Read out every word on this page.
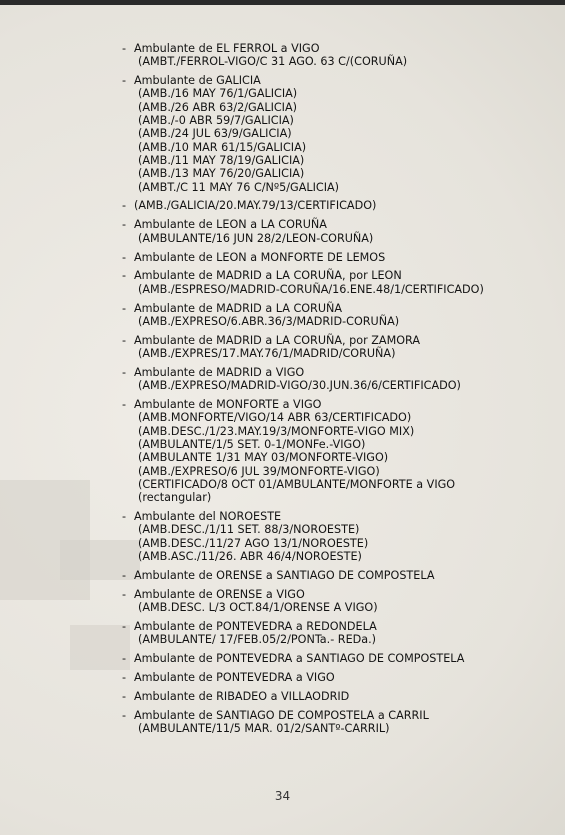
- Ambulante de EL FERROL a VIGO
(AMBT./FERROL-VIGO/C 31 AGO. 63 C/(CORUÑA)
- Ambulante de GALICIA
(AMB./16 MAY 76/1/GALICIA)
(AMB./26 ABR 63/2/GALICIA)
(AMB./-0 ABR 59/7/GALICIA)
(AMB./24 JUL 63/9/GALICIA)
(AMB./10 MAR 61/15/GALICIA)
(AMB./11 MAY 78/19/GALICIA)
(AMB./13 MAY 76/20/GALICIA)
(AMBT./C 11 MAY 76 C/Nº5/GALICIA)
- (AMB./GALICIA/20.MAY.79/13/CERTIFICADO)
- Ambulante de LEON a LA CORUÑA
(AMBULANTE/16 JUN 28/2/LEON-CORUÑA)
- Ambulante de LEON a MONFORTE DE LEMOS
- Ambulante de MADRID a LA CORUÑA, por LEON
(AMB./ESPRESO/MADRID-CORUÑA/16.ENE.48/1/CERTIFICADO)
- Ambulante de MADRID a LA CORUÑA
(AMB./EXPRESO/6.ABR.36/3/MADRID-CORUÑA)
- Ambulante de MADRID a LA CORUÑA, por ZAMORA
(AMB./EXPRES/17.MAY.76/1/MADRID/CORUÑA)
- Ambulante de MADRID a VIGO
(AMB./EXPRESO/MADRID-VIGO/30.JUN.36/6/CERTIFICADO)
- Ambulante de MONFORTE a VIGO
(AMB.MONFORTE/VIGO/14 ABR 63/CERTIFICADO)
(AMB.DESC./1/23.MAY.19/3/MONFORTE-VIGO MIX)
(AMBULANTE/1/5 SET. 0-1/MONFe.-VIGO)
(AMBULANTE 1/31 MAY 03/MONFORTE-VIGO)
(AMB./EXPRESO/6 JUL 39/MONFORTE-VIGO)
(CERTIFICADO/8 OCT 01/AMBULANTE/MONFORTE a VIGO (rectangular)
- Ambulante del NOROESTE
(AMB.DESC./1/11 SET. 88/3/NOROESTE)
(AMB.DESC./11/27 AGO 13/1/NOROESTE)
(AMB.ASC./11/26. ABR 46/4/NOROESTE)
- Ambulante de ORENSE a SANTIAGO DE COMPOSTELA
- Ambulante de ORENSE a VIGO
(AMB.DESC. L/3 OCT.84/1/ORENSE A VIGO)
- Ambulante de PONTEVEDRA a REDONDELA
(AMBULANTE/ 17/FEB.05/2/PONTa.- REDa.)
- Ambulante de PONTEVEDRA a SANTIAGO DE COMPOSTELA
- Ambulante de PONTEVEDRA a VIGO
- Ambulante de RIBADEO a VILLAODRID
- Ambulante de SANTIAGO DE COMPOSTELA a CARRIL
(AMBULANTE/11/5 MAR. 01/2/SANTº-CARRIL)
34
